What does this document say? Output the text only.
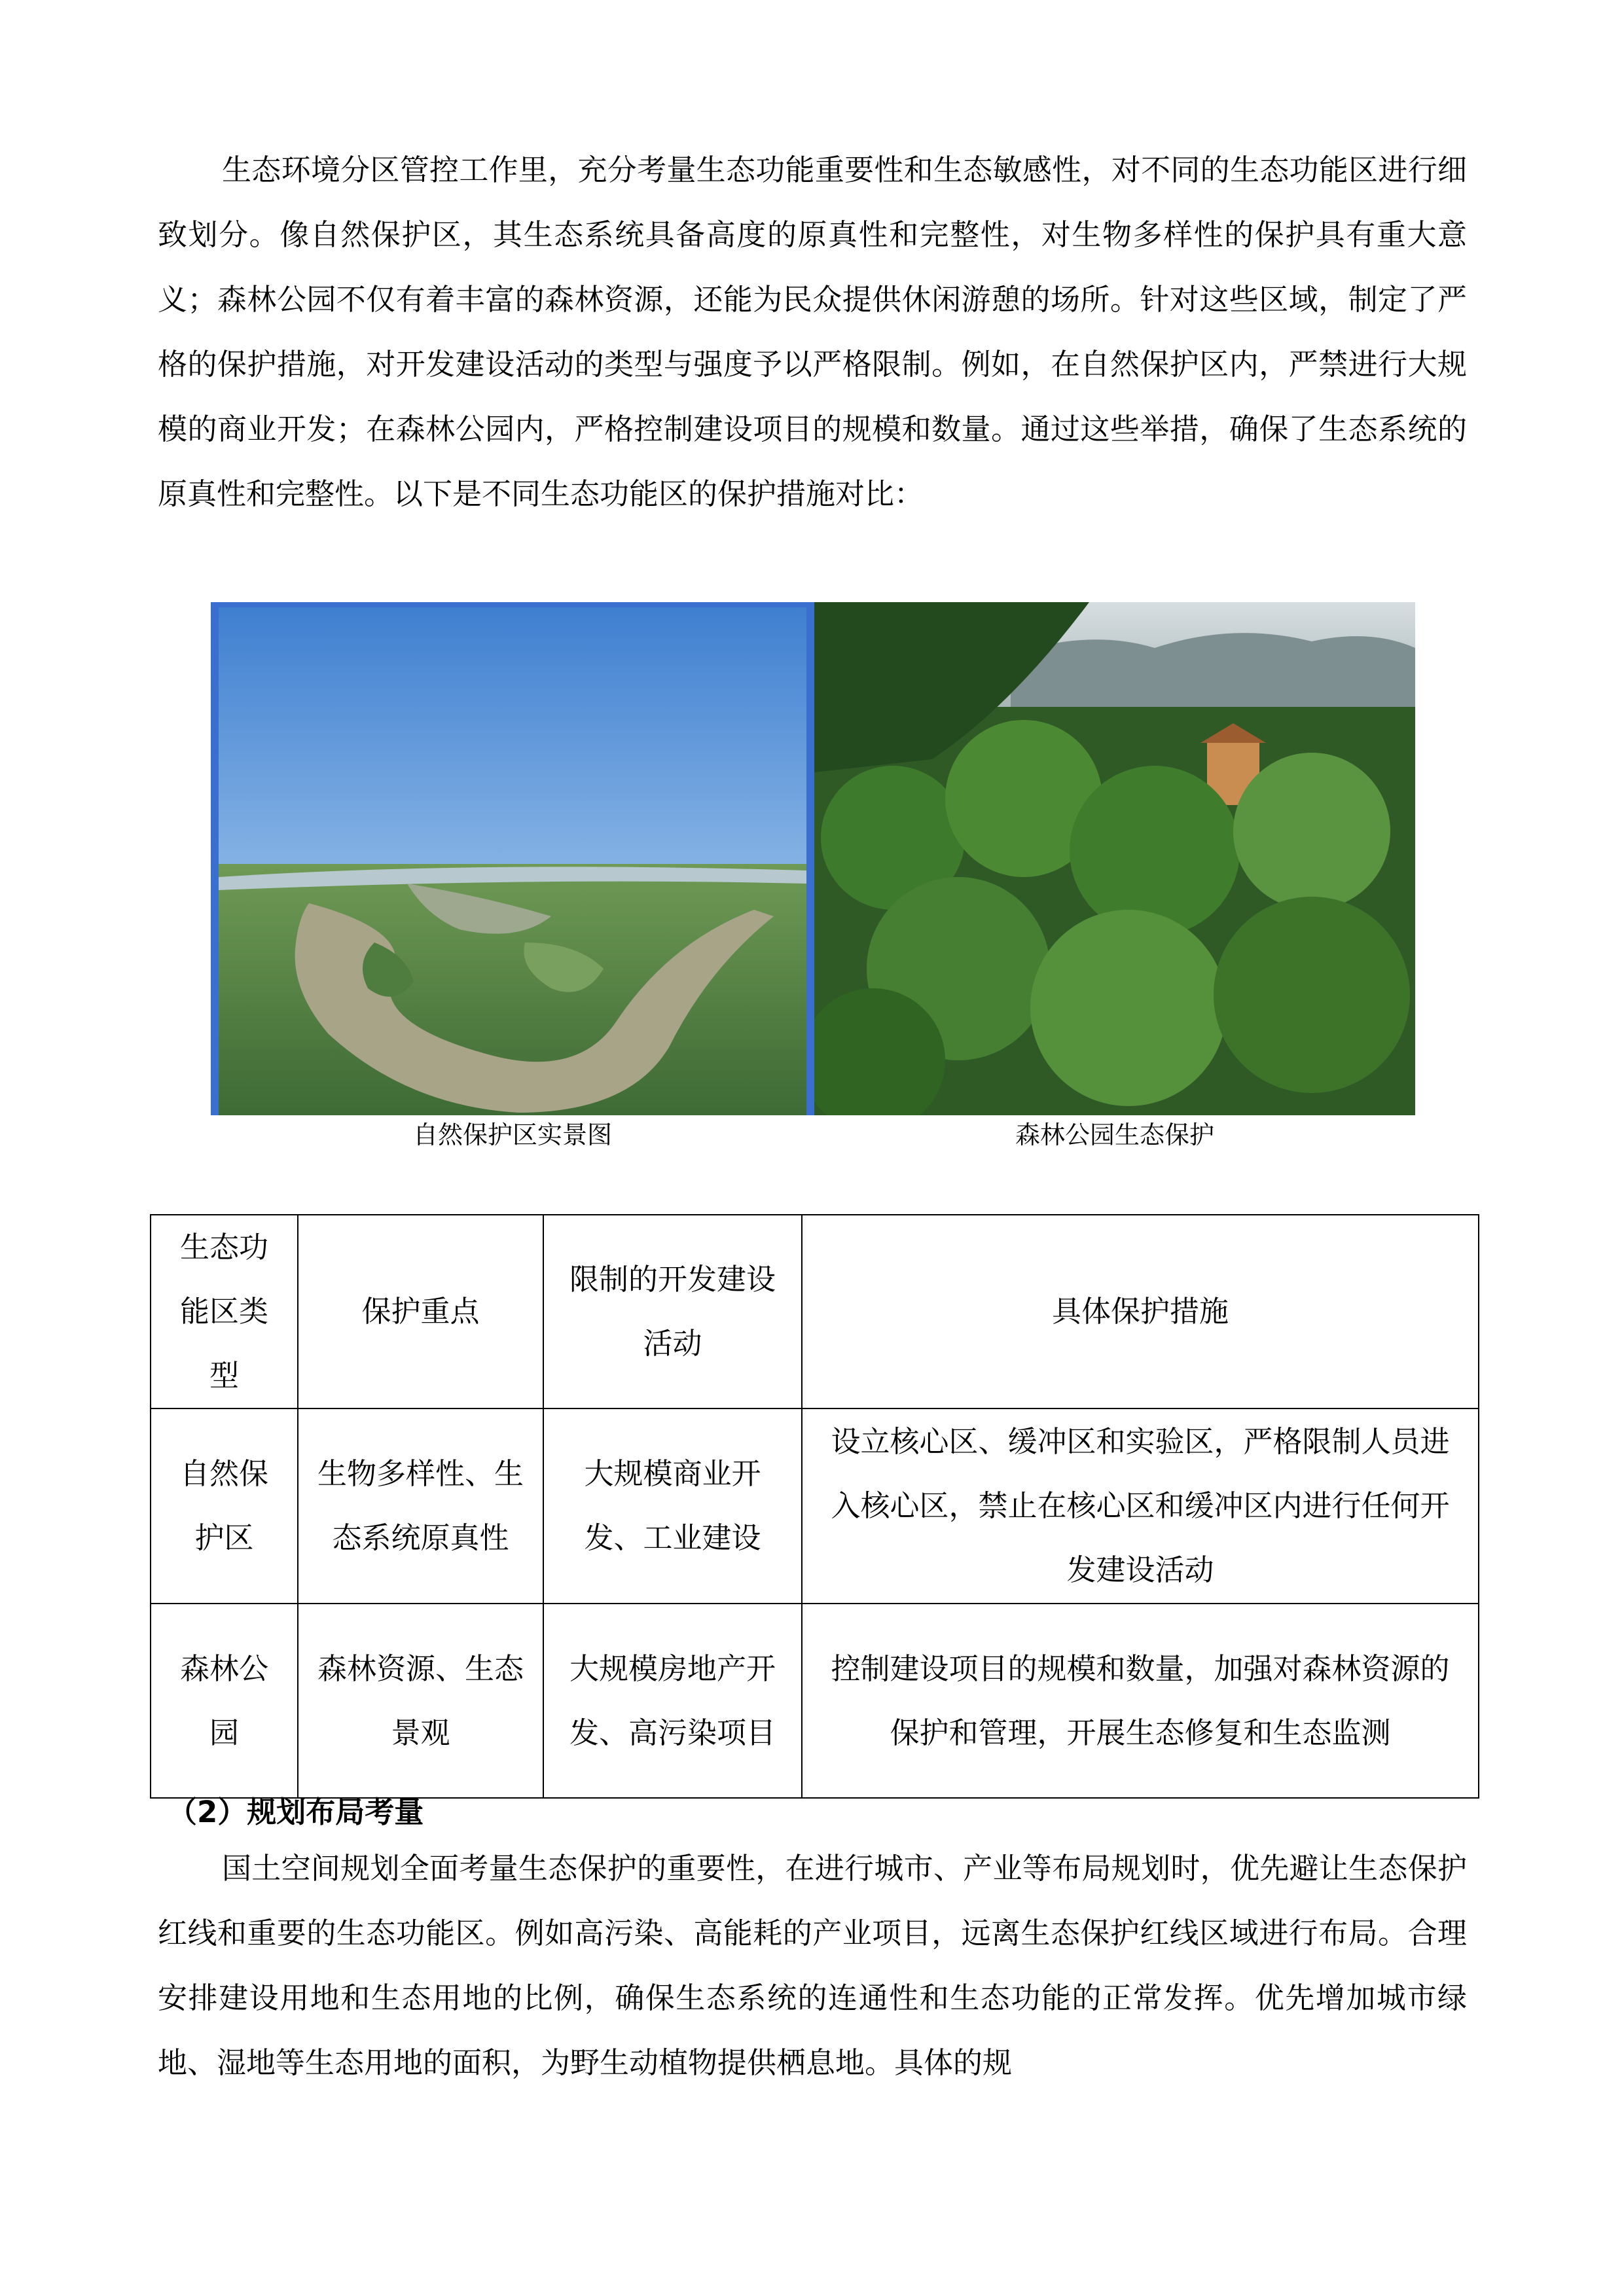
生态环境分区管控工作里，充分考量生态功能重要性和生态敏感性，对不同的生态功能区进行细致划分。像自然保护区，其生态系统具备高度的原真性和完整性，对生物多样性的保护具有重大意义；森林公园不仅有着丰富的森林资源，还能为民众提供休闲游憩的场所。针对这些区域，制定了严格的保护措施，对开发建设活动的类型与强度予以严格限制。例如，在自然保护区内，严禁进行大规模的商业开发；在森林公园内，严格控制建设项目的规模和数量。通过这些举措，确保了生态系统的原真性和完整性。以下是不同生态功能区的保护措施对比：

自然保护区实景图	森林公园生态保护
生态功能区类型	保护重点	限制的开发建设活动	具体保护措施
自然保护区	生物多样性、生态系统原真性	大规模商业开发、工业建设	设立核心区、缓冲区和实验区，严格限制人员进入核心区，禁止在核心区和缓冲区内进行任何开发建设活动
森林公园	森林资源、生态景观	大规模房地产开发、高污染项目	控制建设项目的规模和数量，加强对森林资源的保护和管理，开展生态修复和生态监测
（2）规划布局考量

国土空间规划全面考量生态保护的重要性，在进行城市、产业等布局规划时，优先避让生态保护红线和重要的生态功能区。例如高污染、高能耗的产业项目，远离生态保护红线区域进行布局。合理安排建设用地和生态用地的比例，确保生态系统的连通性和生态功能的正常发挥。优先增加城市绿地、湿地等生态用地的面积，为野生动植物提供栖息地。具体的规
